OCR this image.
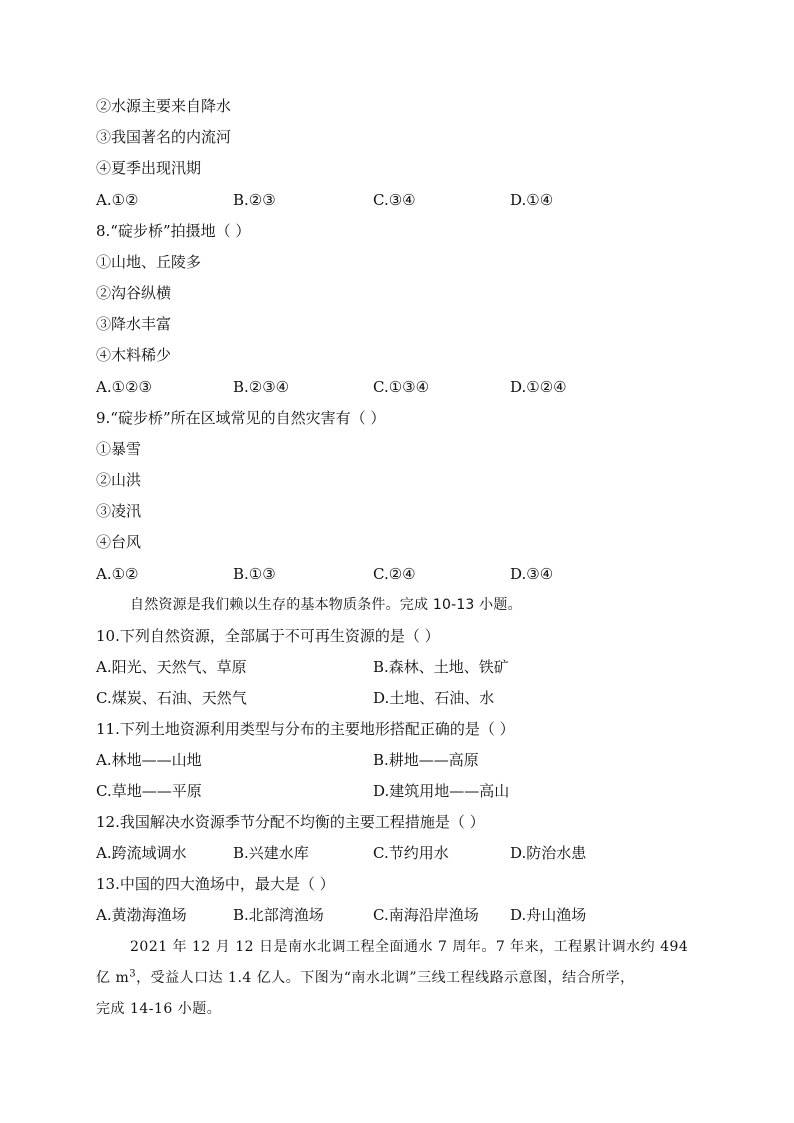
②水源主要来自降水
③我国著名的内流河
④夏季出现汛期
A.①②	B.②③	C.③④	D.①④
8.“碇步桥”拍摄地（ ）
①山地、丘陵多
②沟谷纵横
③降水丰富
④木料稀少
A.①②③	B.②③④	C.①③④	D.①②④
9.“碇步桥”所在区域常见的自然灾害有（ ）
①暴雪
②山洪
③凌汛
④台风
A.①②	B.①③	C.②④	D.③④
自然资源是我们赖以生存的基本物质条件。完成 10-13 小题。
10.下列自然资源，全部属于不可再生资源的是（ ）
A.阳光、天然气、草原	B.森林、土地、铁矿
C.煤炭、石油、天然气	D.土地、石油、水
11.下列土地资源利用类型与分布的主要地形搭配正确的是（ ）
A.林地——山地	B.耕地——高原
C.草地——平原	D.建筑用地——高山
12.我国解决水资源季节分配不均衡的主要工程措施是（ ）
A.跨流域调水	B.兴建水库	C.节约用水	D.防治水患
13.中国的四大渔场中，最大是（ ）
A.黄渤海渔场	B.北部湾渔场	C.南海沿岸渔场 D.舟山渔场
2021 年 12 月 12 日是南水北调工程全面通水 7 周年。7 年来，工程累计调水约 494
亿 $m^3$，受益人口达 1.4 亿人。下图为“南水北调”三线工程线路示意图，结合所学，
完成 14-16 小题。
